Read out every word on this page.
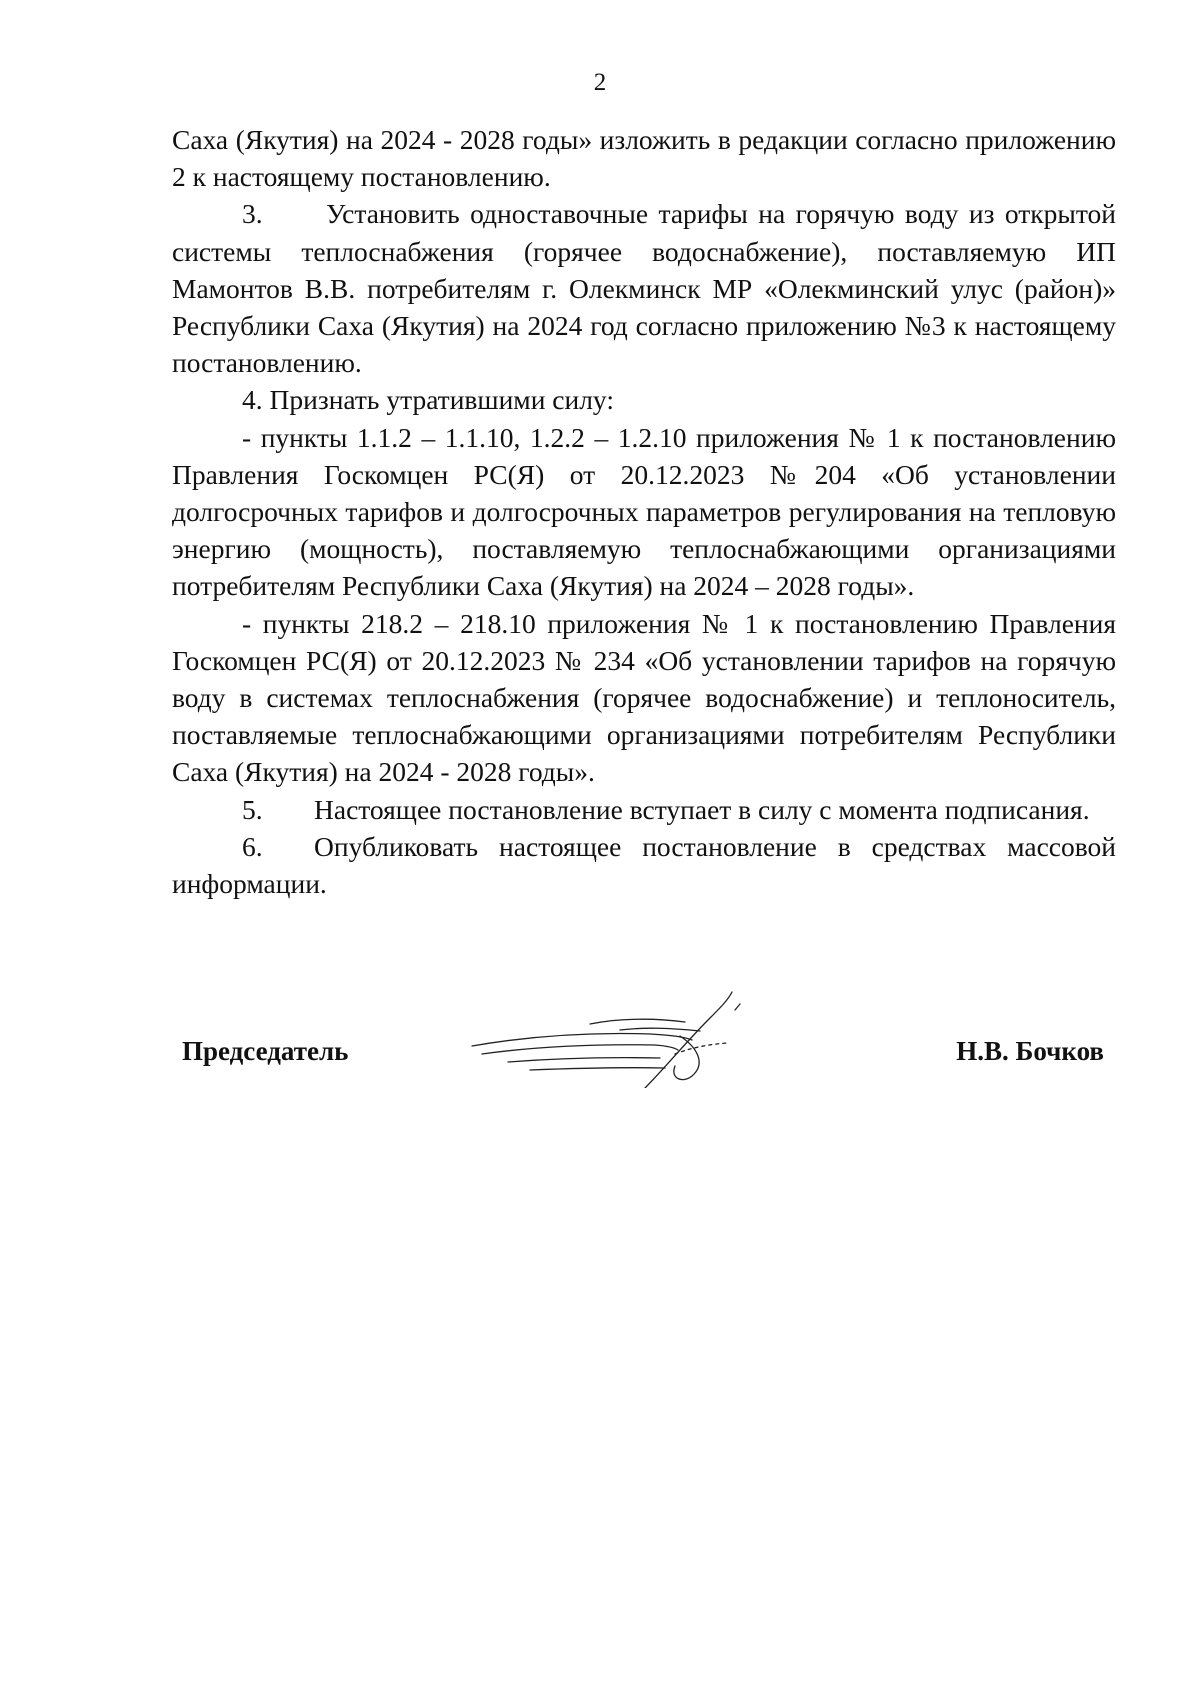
2

Саха (Якутия) на 2024 - 2028 годы» изложить в редакции согласно приложению 2 к настоящему постановлению.

3. Установить одноставочные тарифы на горячую воду из открытой системы теплоснабжения (горячее водоснабжение), поставляемую ИП Мамонтов В.В. потребителям г. Олекминск МР «Олекминский улус (район)» Республики Саха (Якутия) на 2024 год согласно приложению №3 к настоящему постановлению.

4. Признать утратившими силу:

- пункты 1.1.2 – 1.1.10, 1.2.2 – 1.2.10 приложения № 1 к постановлению Правления Госкомцен РС(Я) от 20.12.2023 №204 «Об установлении долгосрочных тарифов и долгосрочных параметров регулирования на тепловую энергию (мощность), поставляемую теплоснабжающими организациями потребителям Республики Саха (Якутия) на 2024 – 2028 годы».

- пункты 218.2 – 218.10 приложения № 1 к постановлению Правления Госкомцен РС(Я) от 20.12.2023 № 234 «Об установлении тарифов на горячую воду в системах теплоснабжения (горячее водоснабжение) и теплоноситель, поставляемые теплоснабжающими организациями потребителям Республики Саха (Якутия) на 2024 - 2028 годы».

5. Настоящее постановление вступает в силу с момента подписания.

6. Опубликовать настоящее постановление в средствах массовой информации.

Председатель	Н.В. Бочков
